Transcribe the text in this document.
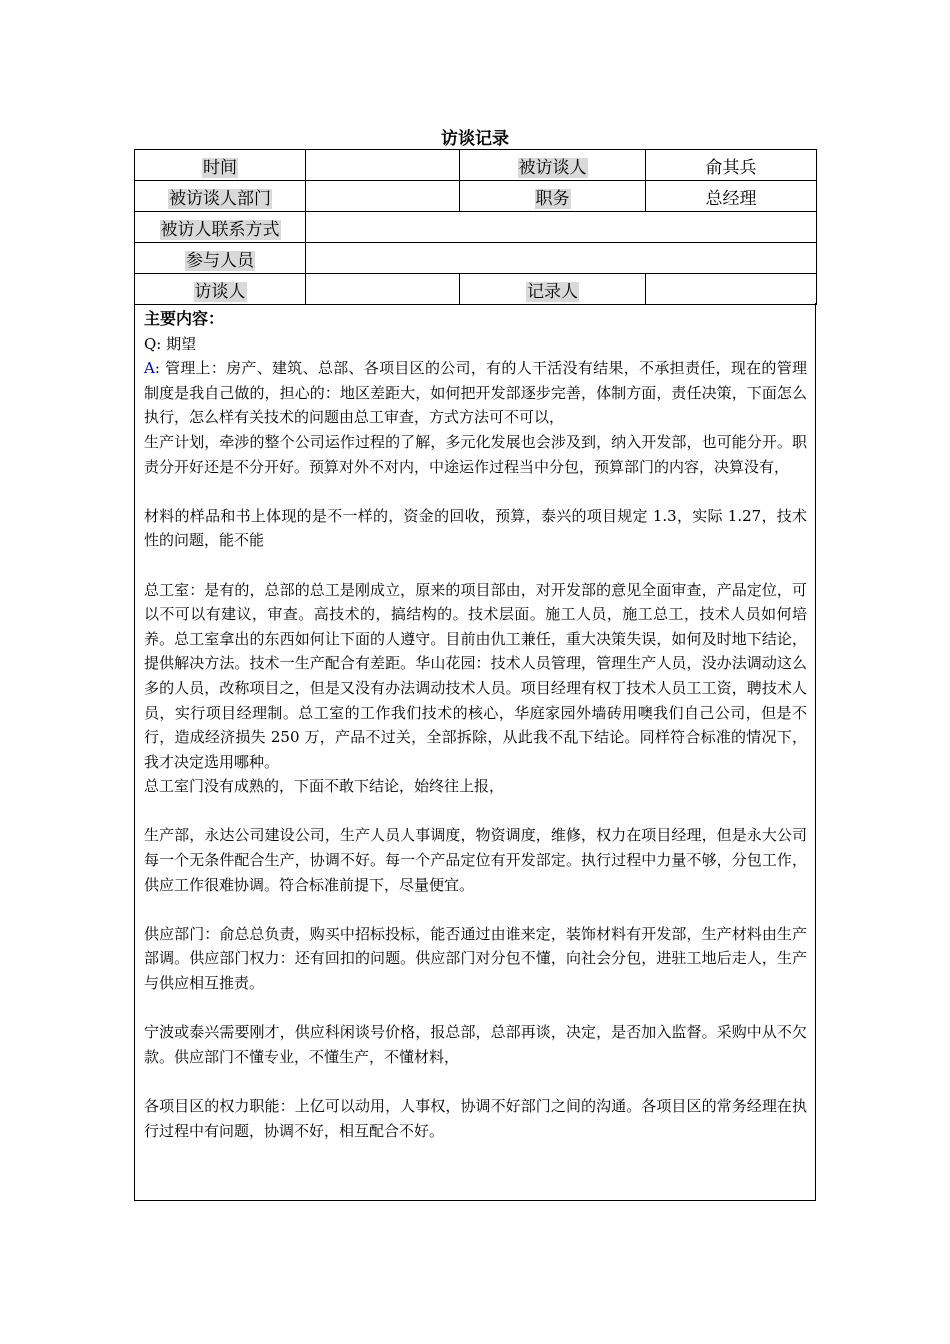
访谈记录
时间		被访谈人	俞其兵
被访谈人部门		职务	总经理
被访人联系方式			
参与人员			
访谈人		记录人	

主要内容：

Q: 期望

A: 管理上：房产、建筑、总部、各项目区的公司，有的人干活没有结果，不承担责任，现在的管理制度是我自己做的，担心的：地区差距大，如何把开发部逐步完善，体制方面，责任决策，下面怎么执行，怎么样有关技术的问题由总工审查，方式方法可不可以，

生产计划，牵涉的整个公司运作过程的了解，多元化发展也会涉及到，纳入开发部，也可能分开。职责分开好还是不分开好。预算对外不对内，中途运作过程当中分包，预算部门的内容，决算没有，

材料的样品和书上体现的是不一样的，资金的回收，预算，泰兴的项目规定 1.3，实际 1.27，技术性的问题，能不能

总工室：是有的，总部的总工是刚成立，原来的项目部由，对开发部的意见全面审查，产品定位，可以不可以有建议，审查。高技术的，搞结构的。技术层面。施工人员，施工总工，技术人员如何培养。总工室拿出的东西如何让下面的人遵守。目前由仇工兼任，重大决策失误，如何及时地下结论，提供解决方法。技术一生产配合有差距。华山花园：技术人员管理，管理生产人员，没办法调动这么多的人员，改称项目之，但是又没有办法调动技术人员。项目经理有权丁技术人员工工资，聘技术人员，实行项目经理制。总工室的工作我们技术的核心，华庭家园外墙砖用噢我们自己公司，但是不行，造成经济损失 250 万，产品不过关，全部拆除，从此我不乱下结论。同样符合标准的情况下，我才决定选用哪种。

总工室门没有成熟的，下面不敢下结论，始终往上报，

生产部，永达公司建设公司，生产人员人事调度，物资调度，维修，权力在项目经理，但是永大公司每一个无条件配合生产，协调不好。每一个产品定位有开发部定。执行过程中力量不够，分包工作，供应工作很难协调。符合标准前提下，尽量便宜。

供应部门：俞总总负责，购买中招标投标，能否通过由谁来定，装饰材料有开发部，生产材料由生产部调。供应部门权力：还有回扣的问题。供应部门对分包不懂，向社会分包，进驻工地后走人，生产与供应相互推责。

宁波或泰兴需要刚才，供应科闲谈号价格，报总部，总部再谈，决定，是否加入监督。采购中从不欠款。供应部门不懂专业，不懂生产，不懂材料，

各项目区的权力职能：上亿可以动用，人事权，协调不好部门之间的沟通。各项目区的常务经理在执行过程中有问题，协调不好，相互配合不好。
